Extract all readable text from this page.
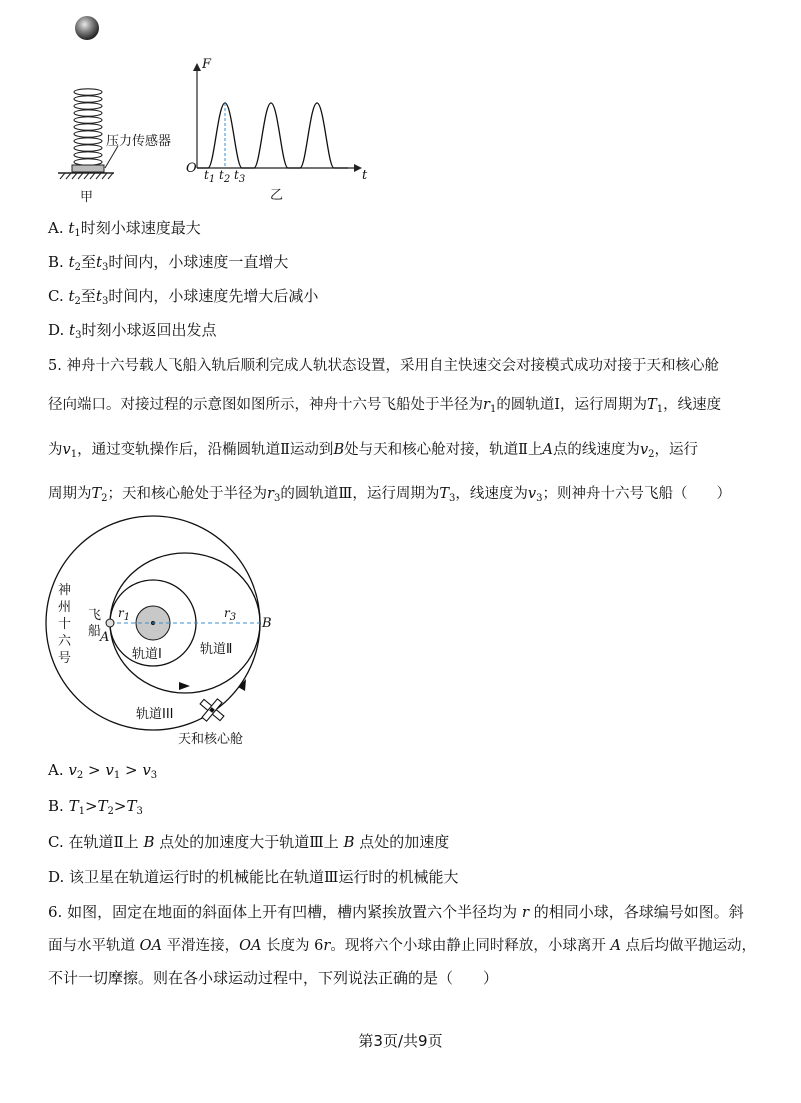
压力传感器
甲
F
O	t
$t_1$ $t_2$ $t_3$
乙
A. $t_1$时刻小球速度最大
B. $t_2$至$t_3$时间内，小球速度一直增大
C. $t_2$至$t_3$时间内，小球速度先增大后减小
D. $t_3$时刻小球返回出发点
5. 神舟十六号载人飞船入轨后顺利完成人轨状态设置，采用自主快速交会对接模式成功对接于天和核心舱
径向端口。对接过程的示意图如图所示，神舟十六号飞船处于半径为$r_1$的圆轨道Ⅰ，运行周期为$T_1$，线速度
为$v_1$，通过变轨操作后，沿椭圆轨道Ⅱ运动到B处与天和核心舱对接，轨道Ⅱ上A点的线速度为$v_2$，运行
周期为$T_2$；天和核心舱处于半径为$r_3$的圆轨道Ⅲ，运行周期为$T_3$，线速度为$v_3$；则神舟十六号飞船（　　）
神
州
十
六
号
飞
船
A
B
$r_1$	$r_3$
轨道Ⅰ	轨道Ⅱ
轨道III
天和核心舱
A. $v_2 > v_1 > v_3$
B. $T_1>T_2>T_3$
C. 在轨道Ⅱ上 B 点处的加速度大于轨道Ⅲ上 B 点处的加速度
D. 该卫星在轨道运行时的机械能比在轨道Ⅲ运行时的机械能大
6. 如图，固定在地面的斜面体上开有凹槽，槽内紧挨放置六个半径均为 r 的相同小球，各球编号如图。斜
面与水平轨道 OA 平滑连接，OA 长度为 6r。现将六个小球由静止同时释放，小球离开 A 点后均做平抛运动，
不计一切摩擦。则在各小球运动过程中，下列说法正确的是（　　）
第3页/共9页
